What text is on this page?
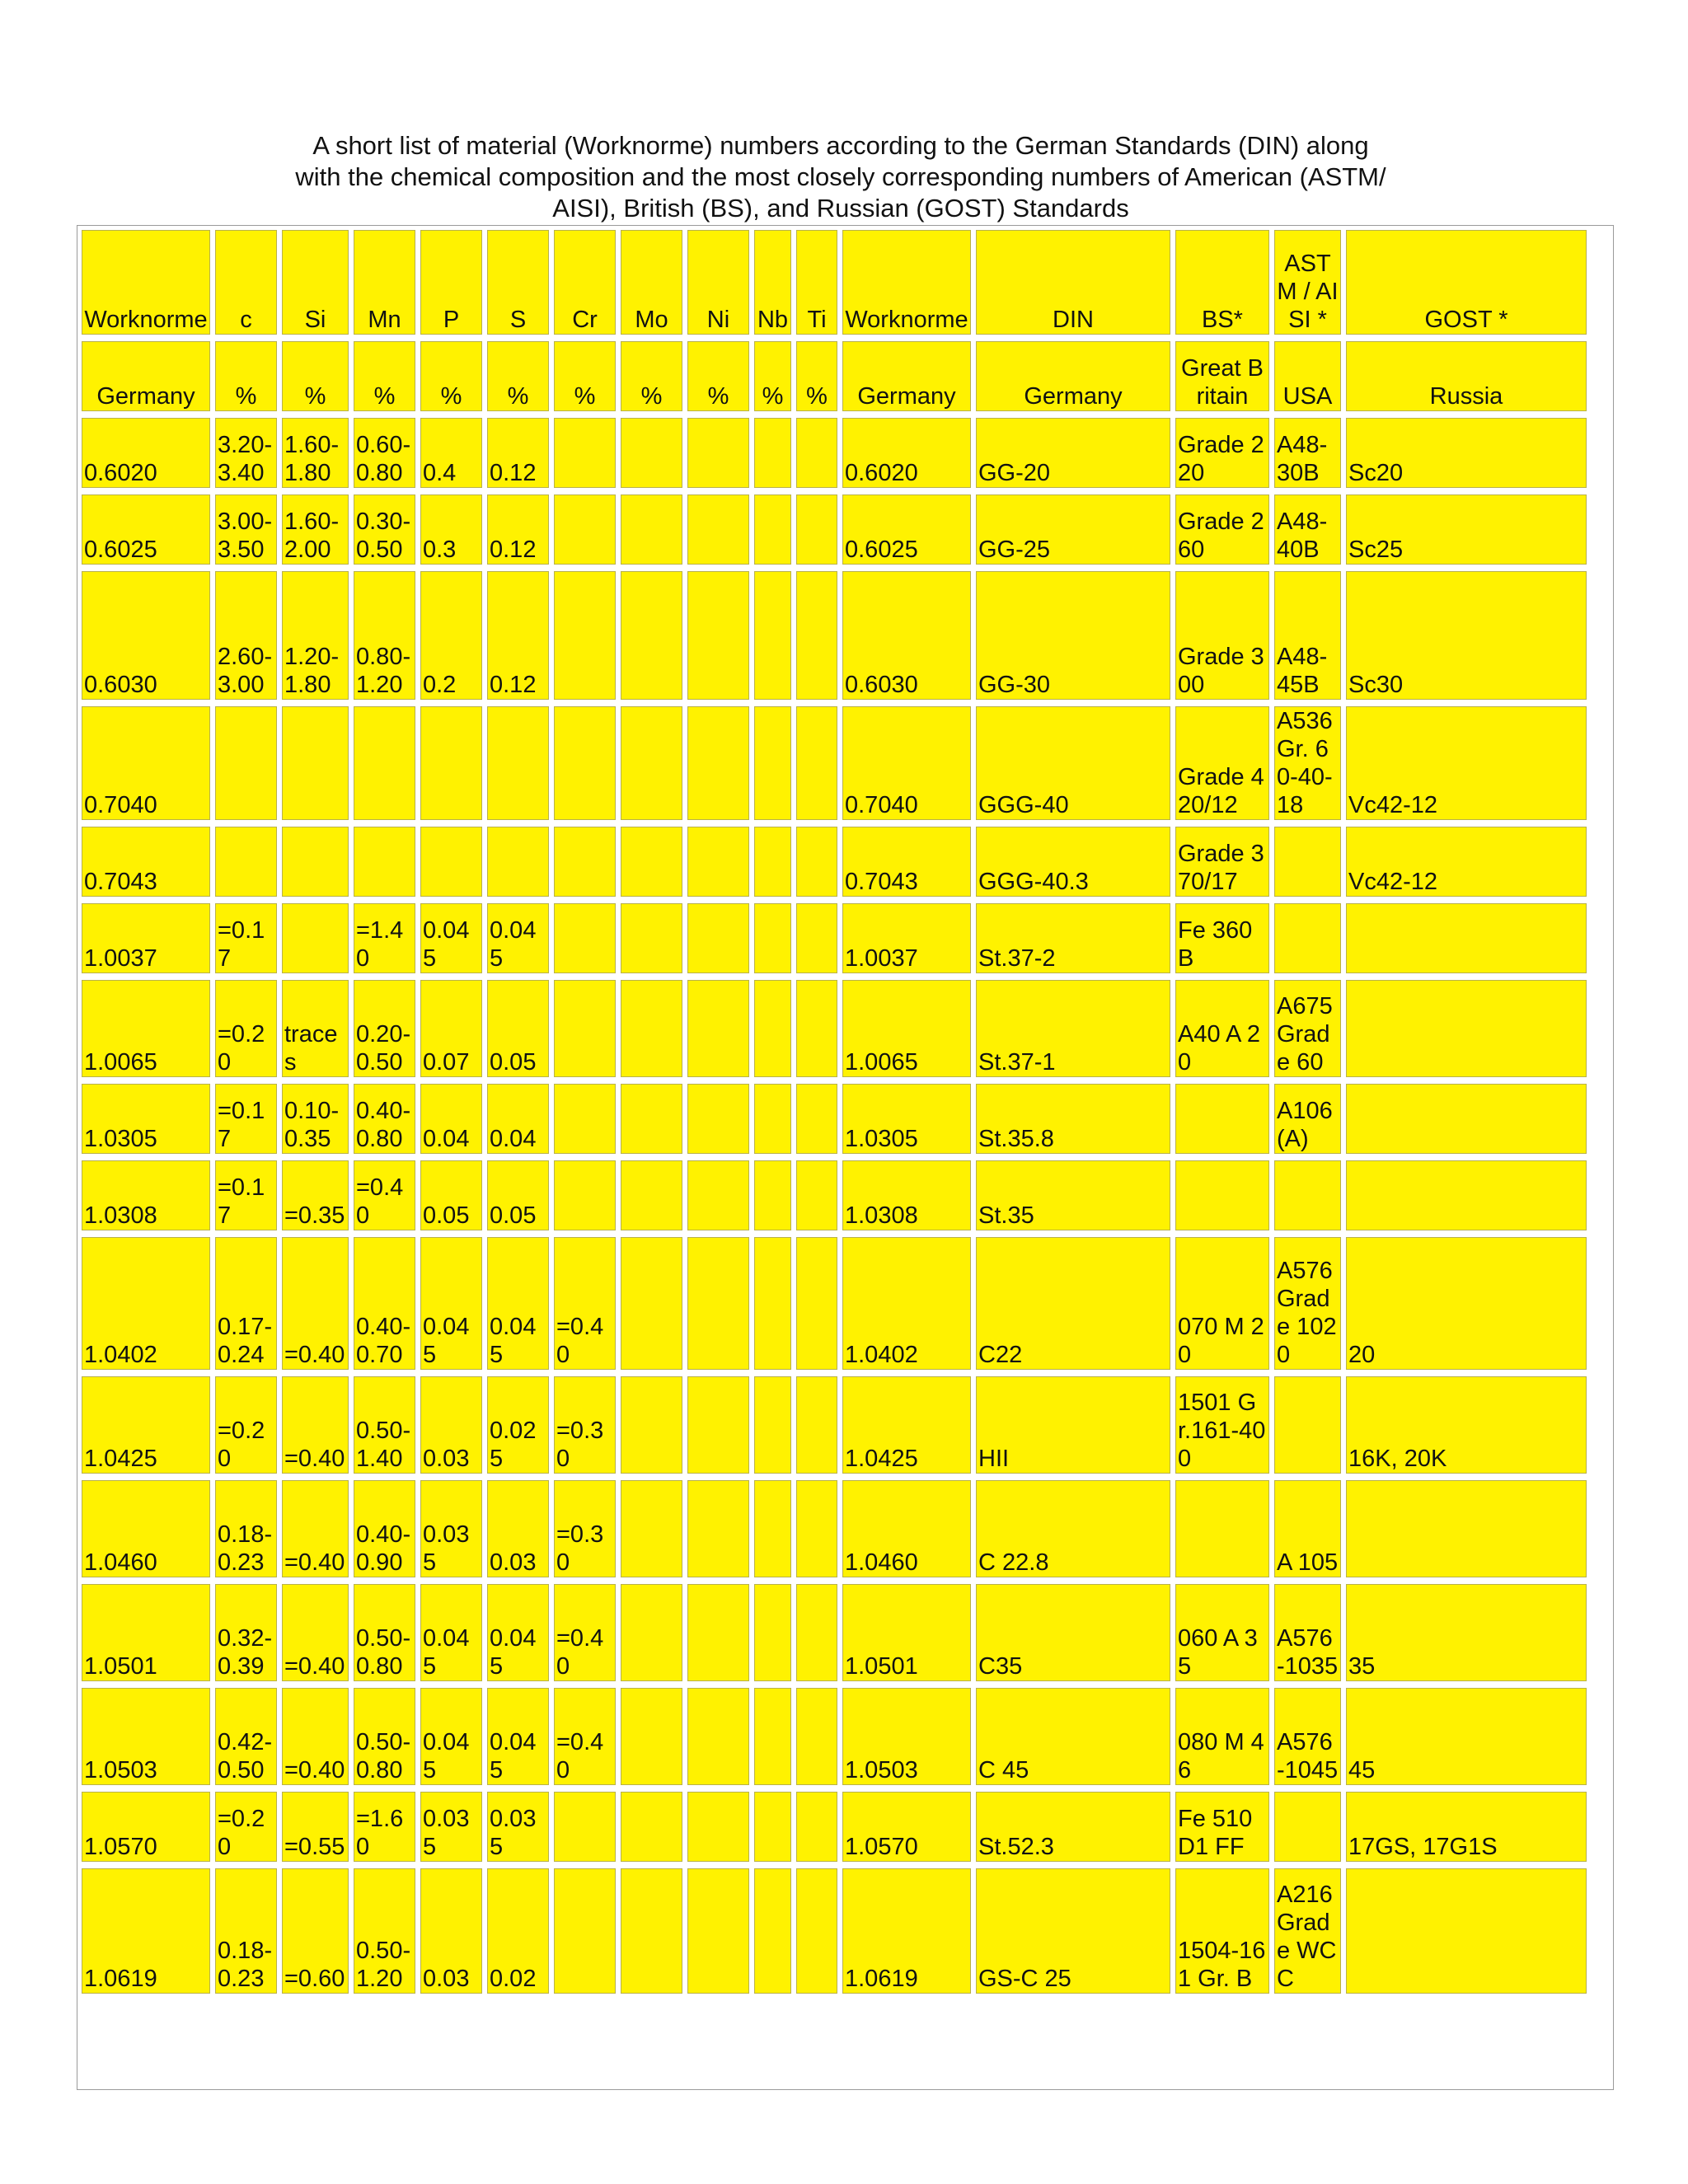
A short list of material (Worknorme) numbers according to the German Standards (DIN) along
with the chemical composition and the most closely corresponding numbers of American (ASTM/
AISI), British (BS), and Russian (GOST) Standards
Worknorme	c	Si	Mn	P	S	Cr	Mo	Ni	Nb	Ti	Worknorme	DIN	BS*	ASTM / AISI *	GOST *

Germany	%	%	%	%	%	%	%	%	%	%	Germany	Germany	Great Britain	USA	Russia

0.6020	3.20-3.40	1.60-1.80	0.60-0.80	0.4	0.12						0.6020	GG-20	Grade 220	A48-30B	Sc20

0.6025	3.00-3.50	1.60-2.00	0.30-0.50	0.3	0.12						0.6025	GG-25	Grade 260	A48-40B	Sc25

0.6030	2.60-3.00	1.20-1.80	0.80-1.20	0.2	0.12						0.6030	GG-30	Grade 300	A48-45B	Sc30

0.7040											0.7040	GGG-40	Grade 420/12	A536 Gr. 60-40-18	Vc42-12

0.7043											0.7043	GGG-40.3	Grade 370/17		Vc42-12

1.0037	=0.17		=1.40	0.045	0.045						1.0037	St.37-2	Fe 360 B		

1.0065	=0.20	traces	0.20-0.50	0.07	0.05						1.0065	St.37-1	A40 A 20	A675 Grade 60	

1.0305	=0.17	0.10-0.35	0.40-0.80	0.04	0.04						1.0305	St.35.8		A106 (A)	

1.0308	=0.17	=0.35	=0.40	0.05	0.05						1.0308	St.35			

1.0402	0.17-0.24	=0.40	0.40-0.70	0.045	0.045	=0.40					1.0402	C22	070 M 20	A576 Grade 1020	20

1.0425	=0.20	=0.40	0.50-1.40	0.03	0.025	=0.30					1.0425	HII	1501 Gr.161-400		16K, 20K

1.0460	0.18-0.23	=0.40	0.40-0.90	0.035	0.03	=0.30					1.0460	C 22.8		A 105	

1.0501	0.32-0.39	=0.40	0.50-0.80	0.045	0.045	=0.40					1.0501	C35	060 A 35	A576-1035	35

1.0503	0.42-0.50	=0.40	0.50-0.80	0.045	0.045	=0.40					1.0503	C 45	080 M 46	A576-1045	45

1.0570	=0.20	=0.55	=1.60	0.035	0.035						1.0570	St.52.3	Fe 510 D1 FF		17GS, 17G1S

1.0619	0.18-0.23	=0.60	0.50-1.20	0.03	0.02						1.0619	GS-C 25	1504-161 Gr. B	A216 Grade WCC	
